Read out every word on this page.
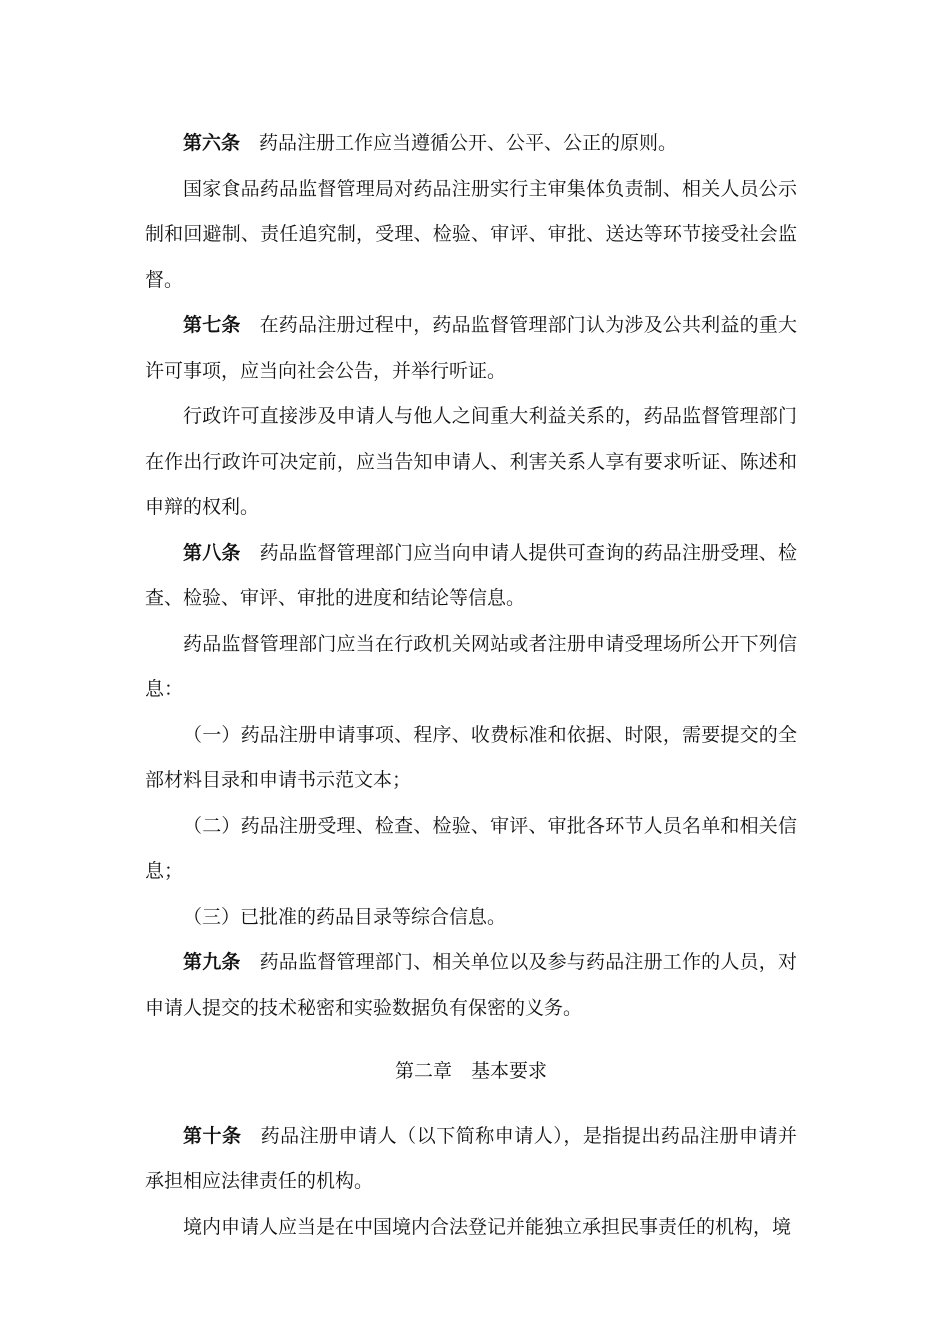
第六条 药品注册工作应当遵循公开、公平、公正的原则。

国家食品药品监督管理局对药品注册实行主审集体负责制、相关人员公示制和回避制、责任追究制，受理、检验、审评、审批、送达等环节接受社会监督。

第七条 在药品注册过程中，药品监督管理部门认为涉及公共利益的重大许可事项，应当向社会公告，并举行听证。

行政许可直接涉及申请人与他人之间重大利益关系的，药品监督管理部门在作出行政许可决定前，应当告知申请人、利害关系人享有要求听证、陈述和申辩的权利。

第八条 药品监督管理部门应当向申请人提供可查询的药品注册受理、检查、检验、审评、审批的进度和结论等信息。

药品监督管理部门应当在行政机关网站或者注册申请受理场所公开下列信息：

（一）药品注册申请事项、程序、收费标准和依据、时限，需要提交的全部材料目录和申请书示范文本；

（二）药品注册受理、检查、检验、审评、审批各环节人员名单和相关信息；

（三）已批准的药品目录等综合信息。

第九条 药品监督管理部门、相关单位以及参与药品注册工作的人员，对申请人提交的技术秘密和实验数据负有保密的义务。

第二章 基本要求

第十条 药品注册申请人（以下简称申请人），是指提出药品注册申请并承担相应法律责任的机构。

境内申请人应当是在中国境内合法登记并能独立承担民事责任的机构，境
